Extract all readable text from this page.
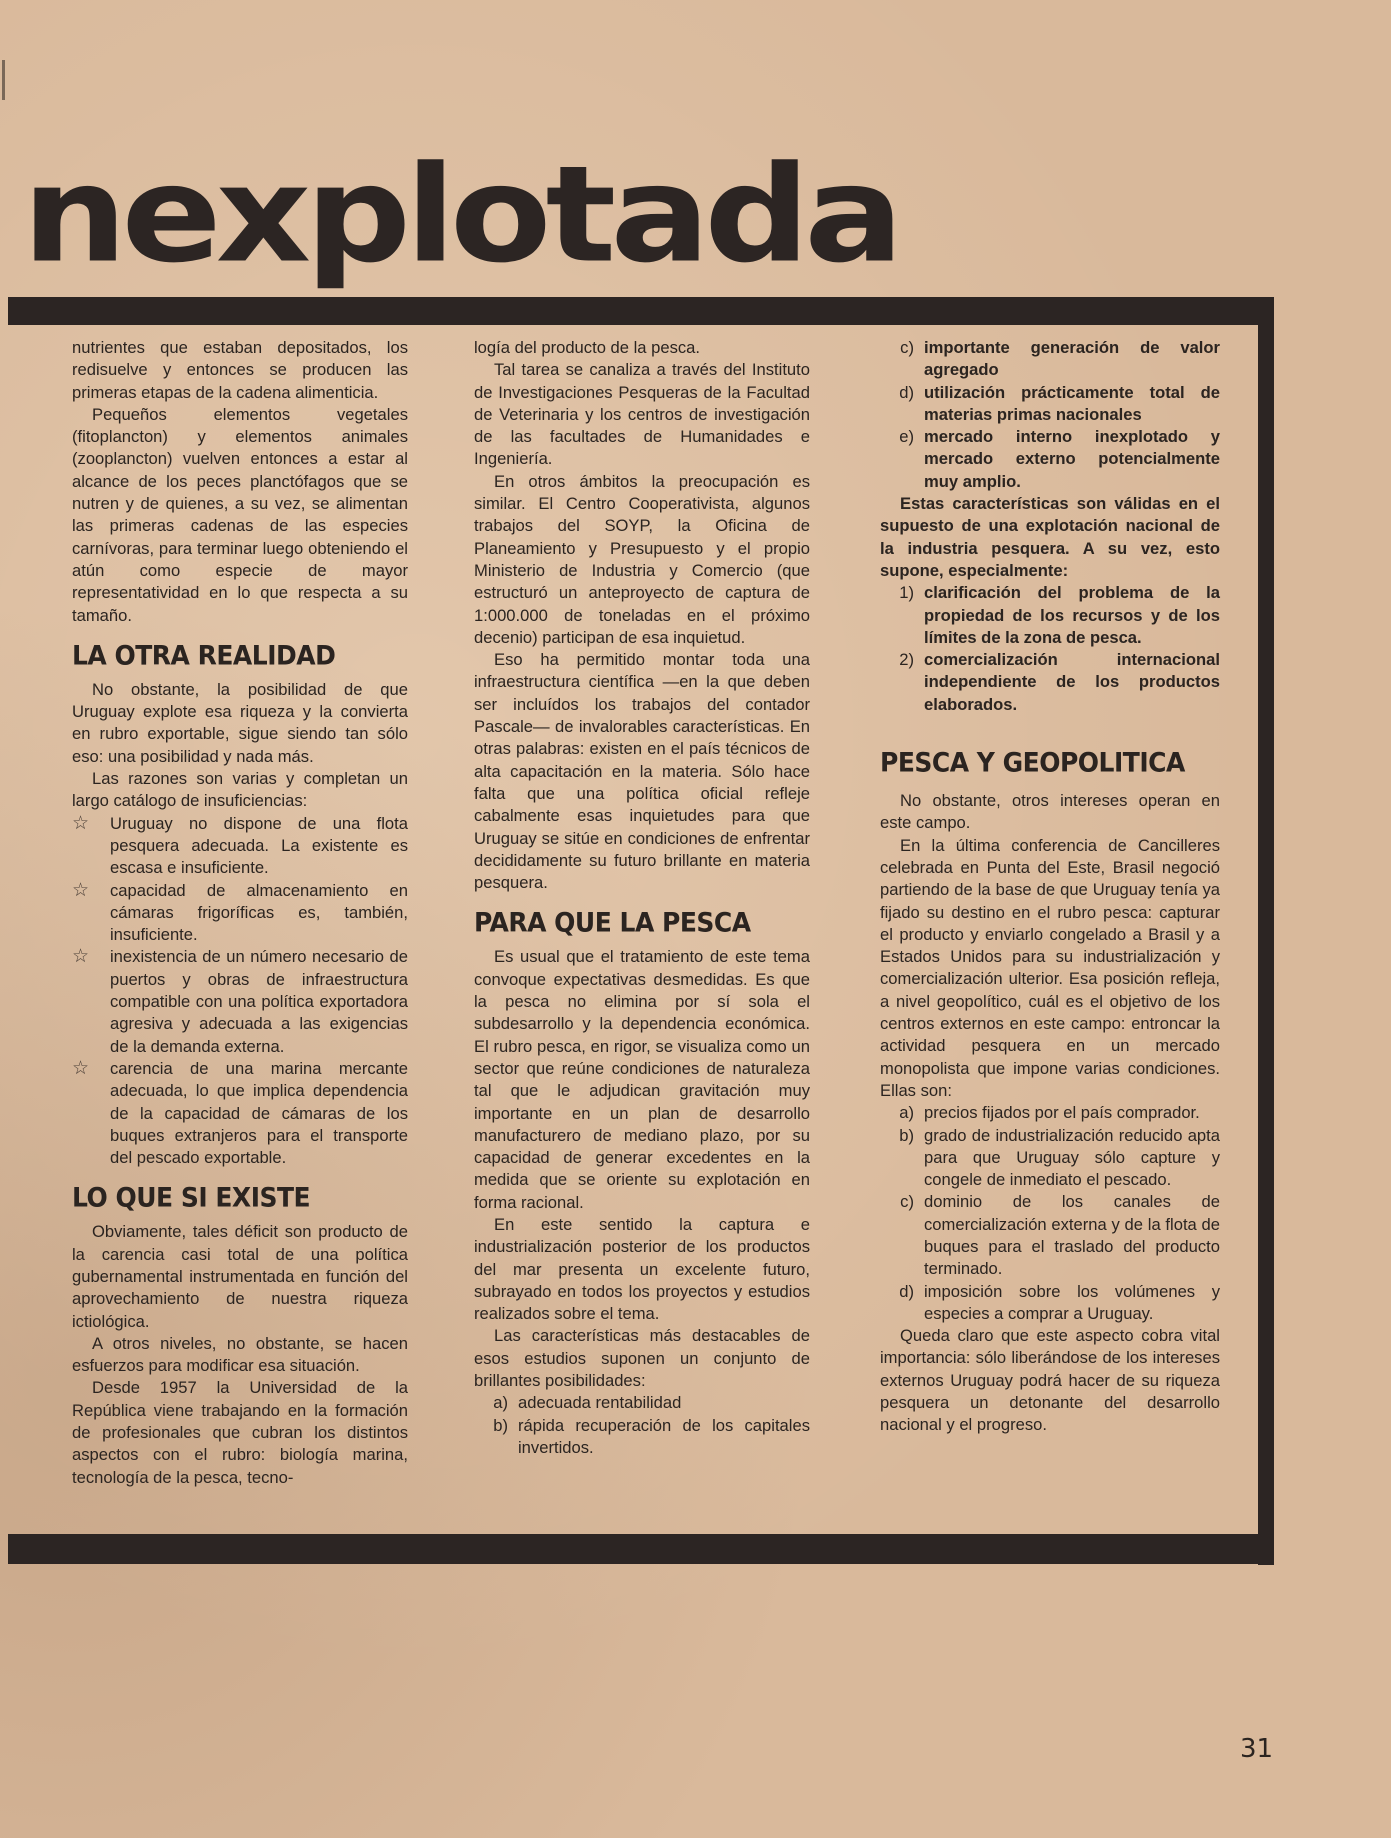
nexplotada

nutrientes que estaban depositados, los redisuelve y entonces se producen las primeras etapas de la cadena alimenticia.

Pequeños elementos vegetales (fitoplancton) y elementos animales (zooplancton) vuelven entonces a estar al alcance de los peces planctófagos que se nutren y de quienes, a su vez, se alimentan las primeras cadenas de las especies carnívoras, para terminar luego obteniendo el atún como especie de mayor representatividad en lo que respecta a su tamaño.

LA OTRA REALIDAD

No obstante, la posibilidad de que Uruguay explote esa riqueza y la convierta en rubro exportable, sigue siendo tan sólo eso: una posibilidad y nada más.

Las razones son varias y completan un largo catálogo de insuficiencias:

☆	Uruguay no dispone de una flota pesquera adecuada. La existente es escasa e insuficiente.
☆	capacidad de almacenamiento en cámaras frigoríficas es, también, insuficiente.
☆	inexistencia de un número necesario de puertos y obras de infraestructura compatible con una política exportadora agresiva y adecuada a las exigencias de la demanda externa.
☆	carencia de una marina mercante adecuada, lo que implica dependencia de la capacidad de cámaras de los buques extranjeros para el transporte del pescado exportable.
LO QUE SI EXISTE

Obviamente, tales déficit son producto de la carencia casi total de una política gubernamental instrumentada en función del aprovechamiento de nuestra riqueza ictiológica.

A otros niveles, no obstante, se hacen esfuerzos para modificar esa situación.

Desde 1957 la Universidad de la República viene trabajando en la formación de profesionales que cubran los distintos aspectos con el rubro: biología marina, tecnología de la pesca, tecno-

logía del producto de la pesca.

Tal tarea se canaliza a través del Instituto de Investigaciones Pesqueras de la Facultad de Veterinaria y los centros de investigación de las facultades de Humanidades e Ingeniería.

En otros ámbitos la preocupación es similar. El Centro Cooperativista, algunos trabajos del SOYP, la Oficina de Planeamiento y Presupuesto y el propio Ministerio de Industria y Comercio (que estructuró un anteproyecto de captura de 1:000.000 de toneladas en el próximo decenio) participan de esa inquietud.

Eso ha permitido montar toda una infraestructura científica —en la que deben ser incluídos los trabajos del contador Pascale— de invalorables características. En otras palabras: existen en el país técnicos de alta capacitación en la materia. Sólo hace falta que una política oficial refleje cabalmente esas inquietudes para que Uruguay se sitúe en condiciones de enfrentar decididamente su futuro brillante en materia pesquera.

PARA QUE LA PESCA

Es usual que el tratamiento de este tema convoque expectativas desmedidas. Es que la pesca no elimina por sí sola el subdesarrollo y la dependencia económica. El rubro pesca, en rigor, se visualiza como un sector que reúne condiciones de naturaleza tal que le adjudican gravitación muy importante en un plan de desarrollo manufacturero de mediano plazo, por su capacidad de generar excedentes en la medida que se oriente su explotación en forma racional.

En este sentido la captura e industrialización posterior de los productos del mar presenta un excelente futuro, subrayado en todos los proyectos y estudios realizados sobre el tema.

Las características más destacables de esos estudios suponen un conjunto de brillantes posibilidades:

a) adecuada rentabilidad
b) rápida recuperación de los capitales invertidos.
c) importante generación de valor agregado
d) utilización prácticamente total de materias primas nacionales
e) mercado interno inexplotado y mercado externo potencialmente muy amplio.

Estas características son válidas en el supuesto de una explotación nacional de la industria pesquera. A su vez, esto supone, especialmente:

1) clarificación del problema de la propiedad de los recursos y de los límites de la zona de pesca.
2) comercialización internacional independiente de los productos elaborados.
PESCA Y GEOPOLITICA

No obstante, otros intereses operan en este campo.

En la última conferencia de Cancilleres celebrada en Punta del Este, Brasil negoció partiendo de la base de que Uruguay tenía ya fijado su destino en el rubro pesca: capturar el producto y enviarlo congelado a Brasil y a Estados Unidos para su industrialización y comercialización ulterior. Esa posición refleja, a nivel geopolítico, cuál es el objetivo de los centros externos en este campo: entroncar la actividad pesquera en un mercado monopolista que impone varias condiciones. Ellas son:

a) precios fijados por el país comprador.
b) grado de industrialización reducido apta para que Uruguay sólo capture y congele de inmediato el pescado.
c) dominio de los canales de comercialización externa y de la flota de buques para el traslado del producto terminado.
d) imposición sobre los volúmenes y especies a comprar a Uruguay.

Queda claro que este aspecto cobra vital importancia: sólo liberándose de los intereses externos Uruguay podrá hacer de su riqueza pesquera un detonante del desarrollo nacional y el progreso.

31
